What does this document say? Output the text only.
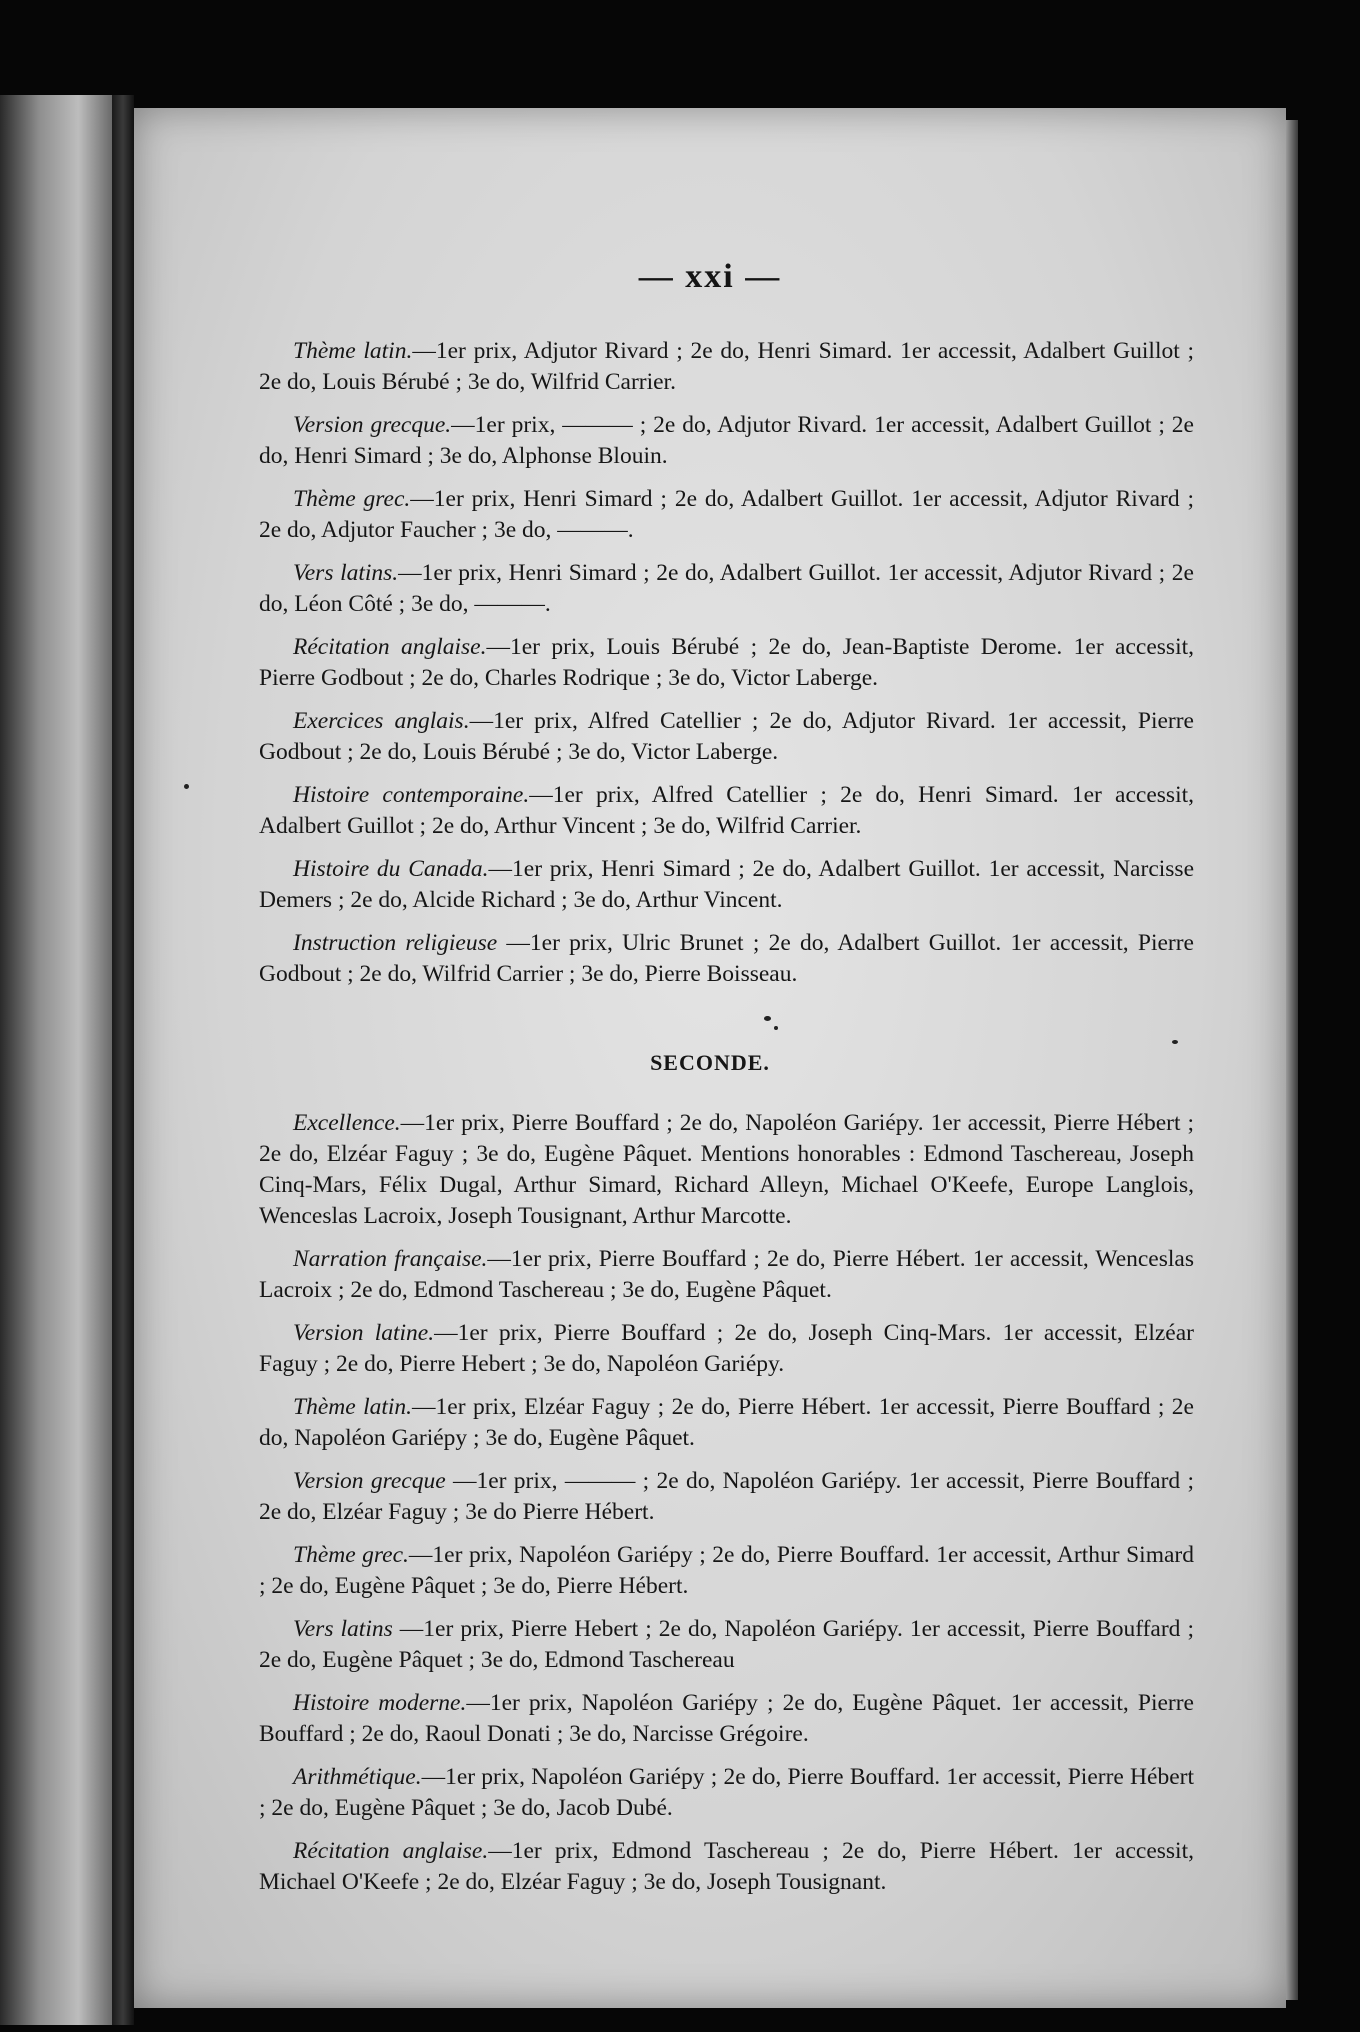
— xxi —

Thème latin.—1er prix, Adjutor Rivard ; 2e do, Henri Simard. 1er accessit, Adalbert Guillot ; 2e do, Louis Bérubé ; 3e do, Wilfrid Carrier.

Version grecque.—1er prix, ——— ; 2e do, Adjutor Rivard. 1er accessit, Adalbert Guillot ; 2e do, Henri Simard ; 3e do, Alphonse Blouin.

Thème grec.—1er prix, Henri Simard ; 2e do, Adalbert Guillot. 1er accessit, Adjutor Rivard ; 2e do, Adjutor Faucher ; 3e do, ———.

Vers latins.—1er prix, Henri Simard ; 2e do, Adalbert Guillot. 1er accessit, Adjutor Rivard ; 2e do, Léon Côté ; 3e do, ———.

Récitation anglaise.—1er prix, Louis Bérubé ; 2e do, Jean-Baptiste Derome. 1er accessit, Pierre Godbout ; 2e do, Charles Rodrique ; 3e do, Victor Laberge.

Exercices anglais.—1er prix, Alfred Catellier ; 2e do, Adjutor Rivard. 1er accessit, Pierre Godbout ; 2e do, Louis Bérubé ; 3e do, Victor Laberge.

Histoire contemporaine.—1er prix, Alfred Catellier ; 2e do, Henri Simard. 1er accessit, Adalbert Guillot ; 2e do, Arthur Vincent ; 3e do, Wilfrid Carrier.

Histoire du Canada.—1er prix, Henri Simard ; 2e do, Adalbert Guillot. 1er accessit, Narcisse Demers ; 2e do, Alcide Richard ; 3e do, Arthur Vincent.

Instruction religieuse —1er prix, Ulric Brunet ; 2e do, Adalbert Guillot. 1er accessit, Pierre Godbout ; 2e do, Wilfrid Carrier ; 3e do, Pierre Boisseau.

SECONDE.

Excellence.—1er prix, Pierre Bouffard ; 2e do, Napoléon Gariépy. 1er accessit, Pierre Hébert ; 2e do, Elzéar Faguy ; 3e do, Eugène Pâquet. Mentions honorables : Edmond Taschereau, Joseph Cinq-Mars, Félix Dugal, Arthur Simard, Richard Alleyn, Michael O'Keefe, Europe Langlois, Wenceslas Lacroix, Joseph Tousignant, Arthur Marcotte.

Narration française.—1er prix, Pierre Bouffard ; 2e do, Pierre Hébert. 1er accessit, Wenceslas Lacroix ; 2e do, Edmond Taschereau ; 3e do, Eugène Pâquet.

Version latine.—1er prix, Pierre Bouffard ; 2e do, Joseph Cinq-Mars. 1er accessit, Elzéar Faguy ; 2e do, Pierre Hebert ; 3e do, Napoléon Gariépy.

Thème latin.—1er prix, Elzéar Faguy ; 2e do, Pierre Hébert. 1er accessit, Pierre Bouffard ; 2e do, Napoléon Gariépy ; 3e do, Eugène Pâquet.

Version grecque —1er prix, ——— ; 2e do, Napoléon Gariépy. 1er accessit, Pierre Bouffard ; 2e do, Elzéar Faguy ; 3e do Pierre Hébert.

Thème grec.—1er prix, Napoléon Gariépy ; 2e do, Pierre Bouffard. 1er accessit, Arthur Simard ; 2e do, Eugène Pâquet ; 3e do, Pierre Hébert.

Vers latins —1er prix, Pierre Hebert ; 2e do, Napoléon Gariépy. 1er accessit, Pierre Bouffard ; 2e do, Eugène Pâquet ; 3e do, Edmond Taschereau

Histoire moderne.—1er prix, Napoléon Gariépy ; 2e do, Eugène Pâquet. 1er accessit, Pierre Bouffard ; 2e do, Raoul Donati ; 3e do, Narcisse Grégoire.

Arithmétique.—1er prix, Napoléon Gariépy ; 2e do, Pierre Bouffard. 1er accessit, Pierre Hébert ; 2e do, Eugène Pâquet ; 3e do, Jacob Dubé.

Récitation anglaise.—1er prix, Edmond Taschereau ; 2e do, Pierre Hébert. 1er accessit, Michael O'Keefe ; 2e do, Elzéar Faguy ; 3e do, Joseph Tousignant.
